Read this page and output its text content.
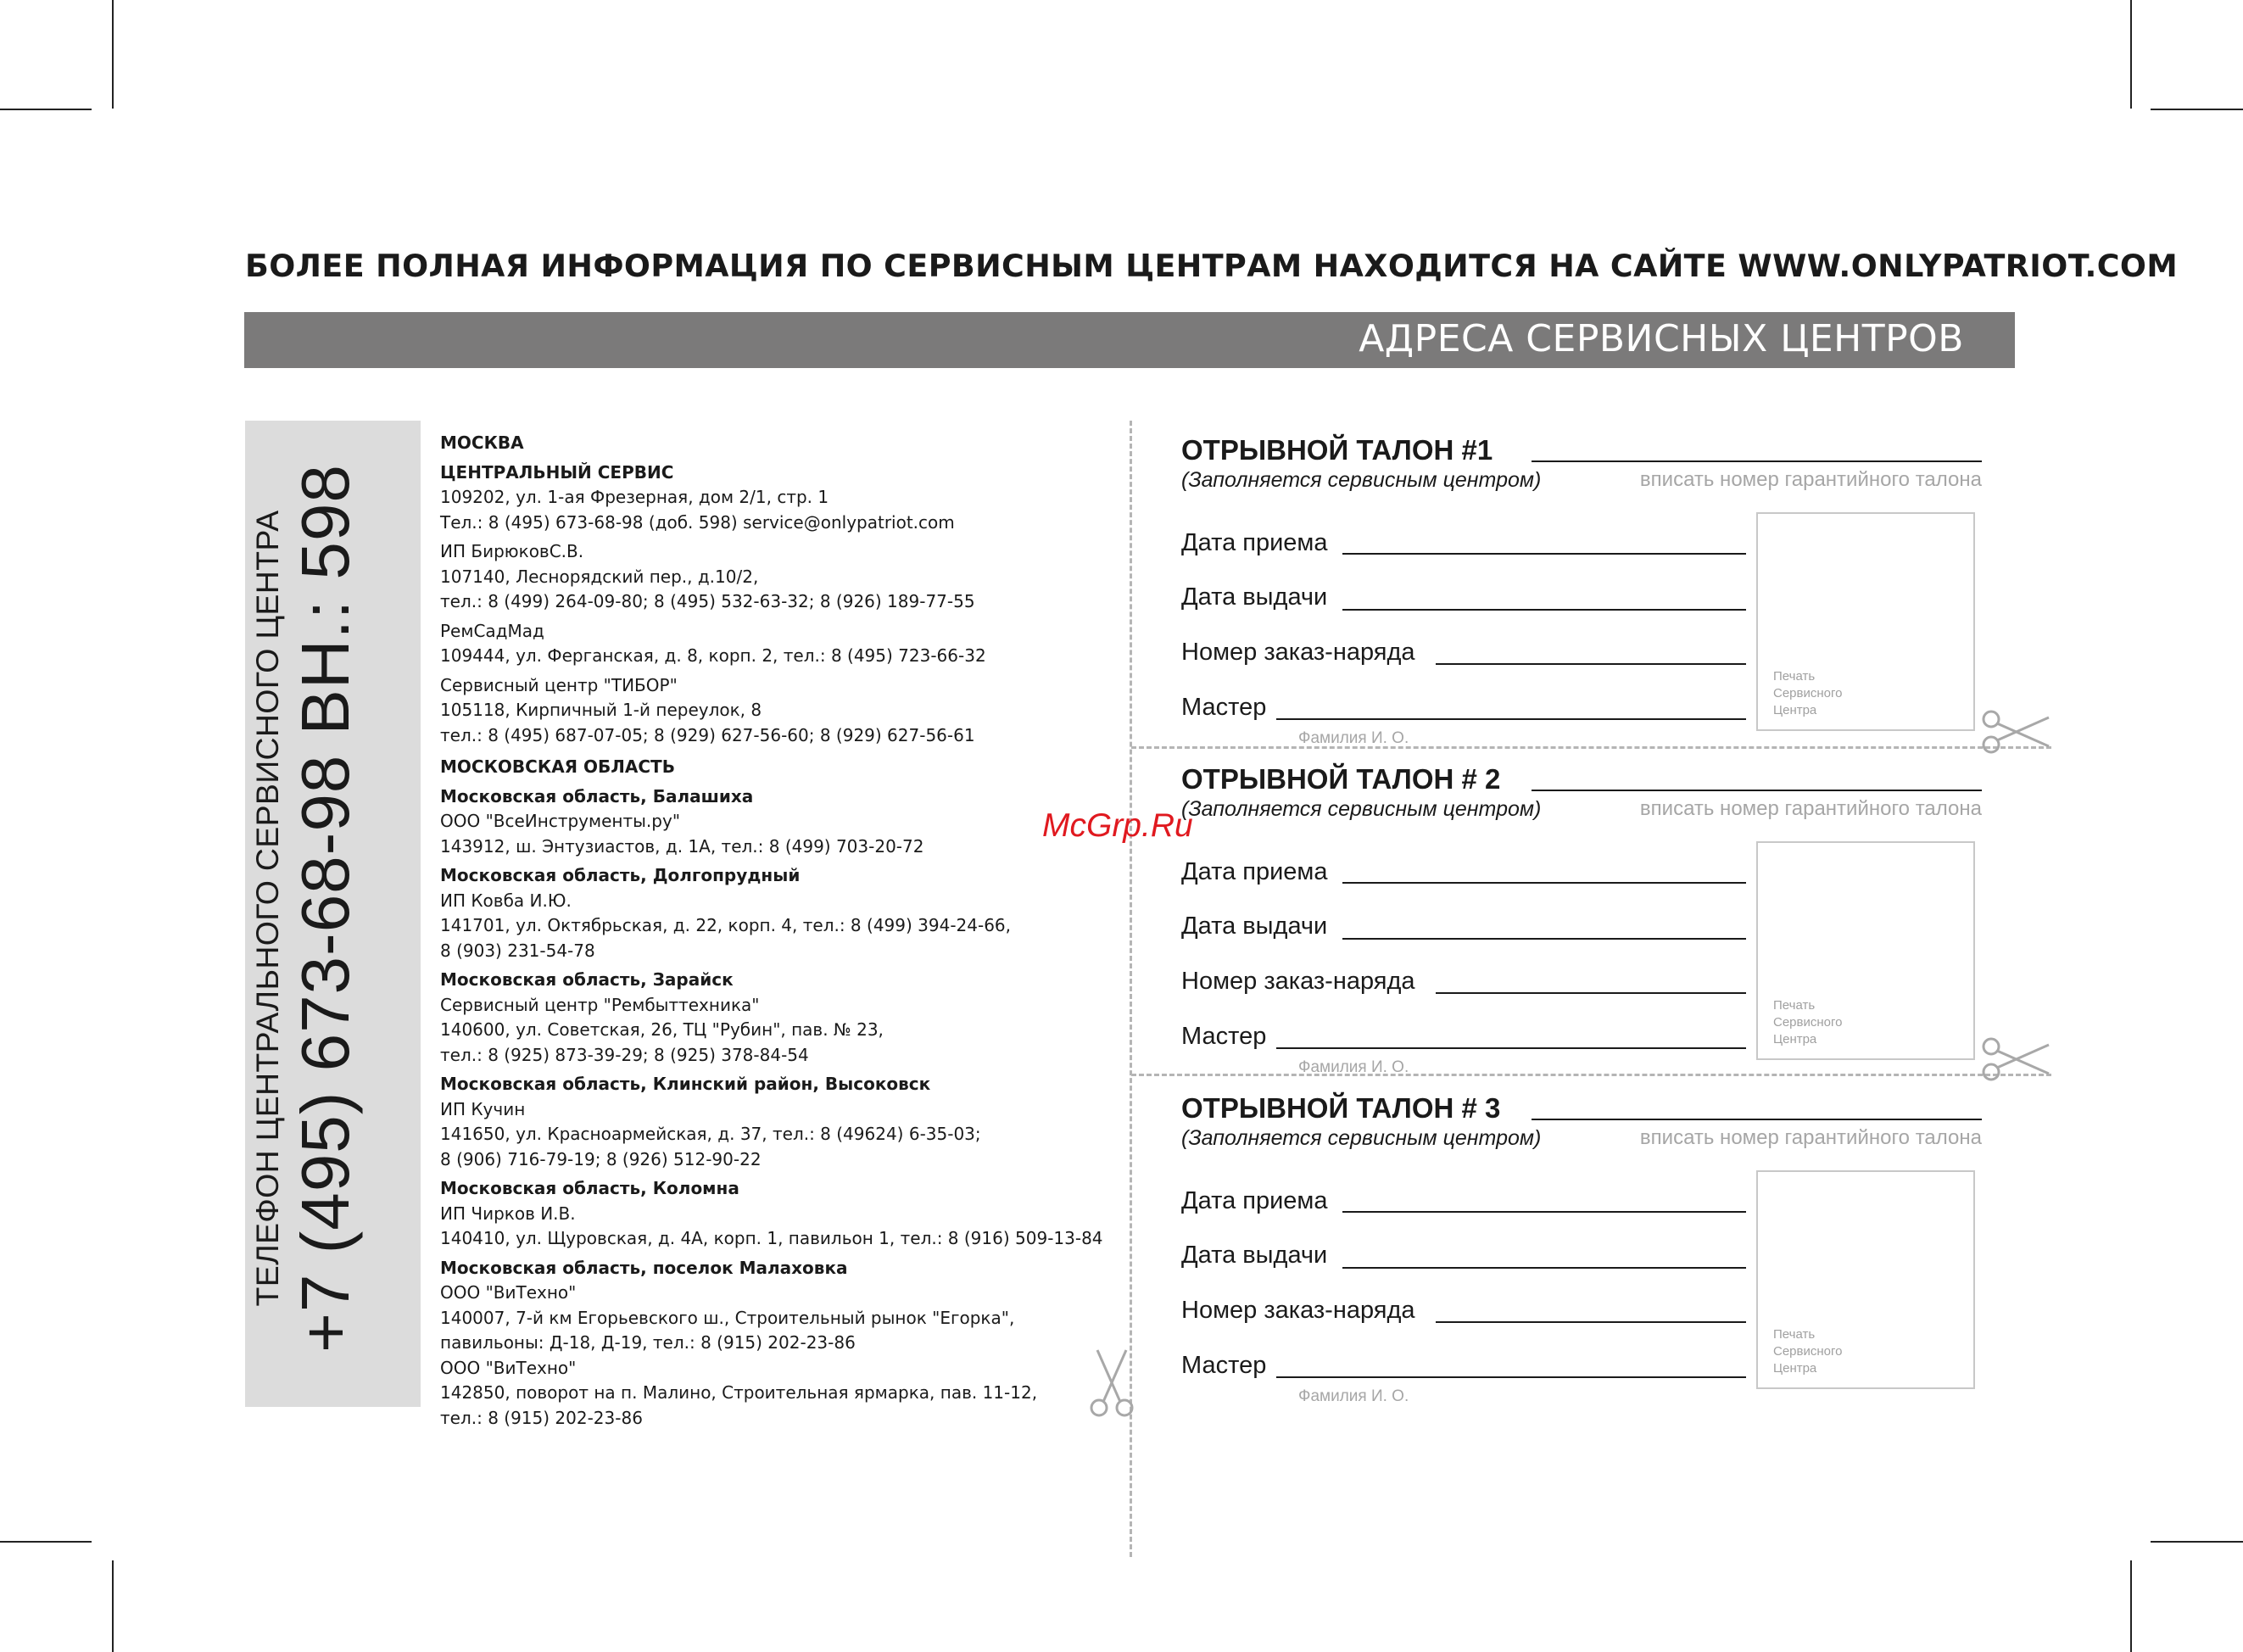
БОЛЕЕ ПОЛНАЯ ИНФОРМАЦИЯ ПО СЕРВИСНЫМ ЦЕНТРАМ НАХОДИТСЯ НА САЙТЕ WWW.ONLYPATRIOT.COM
АДРЕСА СЕРВИСНЫХ ЦЕНТРОВ
ТЕЛЕФОН ЦЕНТРАЛЬНОГО СЕРВИСНОГО ЦЕНТРА +7 (495) 673-68-98 ВН.: 598
МОСКВА
ЦЕНТРАЛЬНЫЙ СЕРВИС
109202, ул. 1-ая Фрезерная, дом 2/1, стр. 1
Тел.: 8 (495) 673-68-98 (доб. 598) service@onlypatriot.com
ИП БирюковС.В.
107140, Леснорядский пер., д.10/2,
тел.: 8 (499) 264-09-80; 8 (495) 532-63-32; 8 (926) 189-77-55
РемСадМад
109444, ул. Ферганская, д. 8, корп. 2, тел.: 8 (495) 723-66-32
Сервисный центр "ТИБОР"
105118, Кирпичный 1-й переулок, 8
тел.: 8 (495) 687-07-05; 8 (929) 627-56-60; 8 (929) 627-56-61
МОСКОВСКАЯ ОБЛАСТЬ
Московская область, Балашиха
ООО "ВсеИнструменты.ру"
143912, ш. Энтузиастов, д. 1А, тел.: 8 (499) 703-20-72
Московская область, Долгопрудный
ИП Ковба И.Ю.
141701, ул. Октябрьская, д. 22, корп. 4, тел.: 8 (499) 394-24-66,
8 (903) 231-54-78
Московская область, Зарайск
Сервисный центр "Рембыттехника"
140600, ул. Советская, 26, ТЦ "Рубин", пав. № 23,
тел.: 8 (925) 873-39-29; 8 (925) 378-84-54
Московская область, Клинский район, Высоковск
ИП Кучин
141650, ул. Красноармейская, д. 37, тел.: 8 (49624) 6-35-03;
8 (906) 716-79-19; 8 (926) 512-90-22
Московская область, Коломна
ИП Чирков И.В.
140410, ул. Щуровская, д. 4А, корп. 1, павильон 1, тел.: 8 (916) 509-13-84
Московская область, поселок Малаховка
ООО "ВиТехно"
140007, 7-й км Егорьевского ш., Строительный рынок "Егорка",
павильоны: Д-18, Д-19, тел.: 8 (915) 202-23-86
ООО "ВиТехно"
142850, поворот на п. Малино, Строительная ярмарка, пав. 11-12,
тел.: 8 (915) 202-23-86
ОТРЫВНОЙ ТАЛОН #1
(Заполняется сервисным центром)	вписать номер гарантийного талона
Дата приема
Дата выдачи
Номер заказ-наряда
Мастер
Фамилия И. О.
Печать
Сервисного
Центра
ОТРЫВНОЙ ТАЛОН # 2
(Заполняется сервисным центром)	вписать номер гарантийного талона
Дата приема
Дата выдачи
Номер заказ-наряда
Мастер
Фамилия И. О.
Печать
Сервисного
Центра
ОТРЫВНОЙ ТАЛОН # 3
(Заполняется сервисным центром)	вписать номер гарантийного талона
Дата приема
Дата выдачи
Номер заказ-наряда
Мастер
Фамилия И. О.
Печать
Сервисного
Центра
McGrp.Ru
